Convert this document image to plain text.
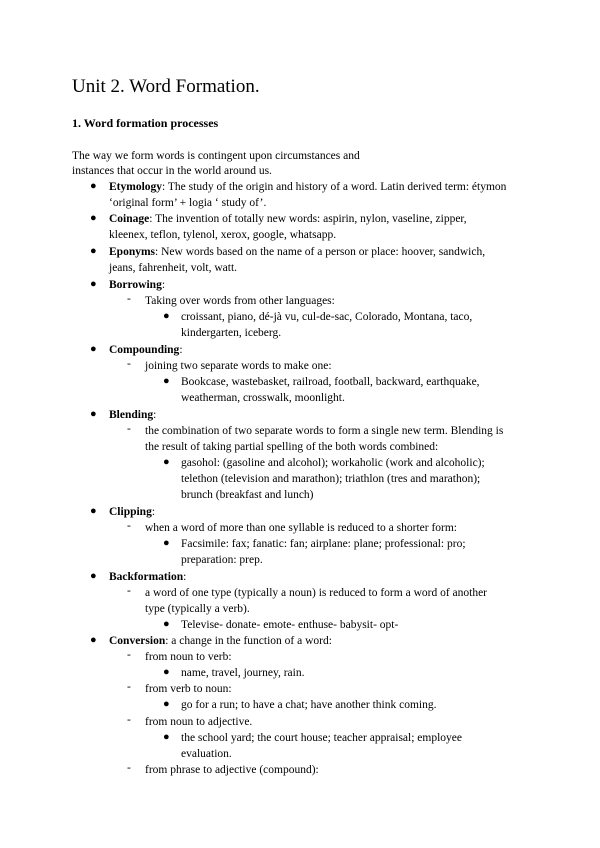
Unit 2. Word Formation.
1. Word formation processes
The way we form words is contingent upon circumstances and
instances that occur in the world around us.
● Etymology: The study of the origin and history of a word. Latin derived term: étymon
‘original form’ + logia ‘ study of’.
● Coinage: The invention of totally new words: aspirin, nylon, vaseline, zipper,
kleenex, teflon, tylenol, xerox, google, whatsapp.
● Eponyms: New words based on the name of a person or place: hoover, sandwich,
jeans, fahrenheit, volt, watt.
● Borrowing:
- Taking over words from other languages:
● croissant, piano, dé-jà vu, cul-de-sac, Colorado, Montana, taco,
kindergarten, iceberg.
● Compounding:
- joining two separate words to make one:
● Bookcase, wastebasket, railroad, football, backward, earthquake,
weatherman, crosswalk, moonlight.
● Blending:
- the combination of two separate words to form a single new term. Blending is
the result of taking partial spelling of the both words combined:
● gasohol: (gasoline and alcohol); workaholic (work and alcoholic);
telethon (television and marathon); triathlon (tres and marathon);
brunch (breakfast and lunch)
● Clipping:
- when a word of more than one syllable is reduced to a shorter form:
● Facsimile: fax; fanatic: fan; airplane: plane; professional: pro;
preparation: prep.
● Backformation:
- a word of one type (typically a noun) is reduced to form a word of another
type (typically a verb).
● Televise- donate- emote- enthuse- babysit- opt-
● Conversion: a change in the function of a word:
- from noun to verb:
● name, travel, journey, rain.
- from verb to noun:
● go for a run; to have a chat; have another think coming.
- from noun to adjective.
● the school yard; the court house; teacher appraisal; employee
evaluation.
- from phrase to adjective (compound):
